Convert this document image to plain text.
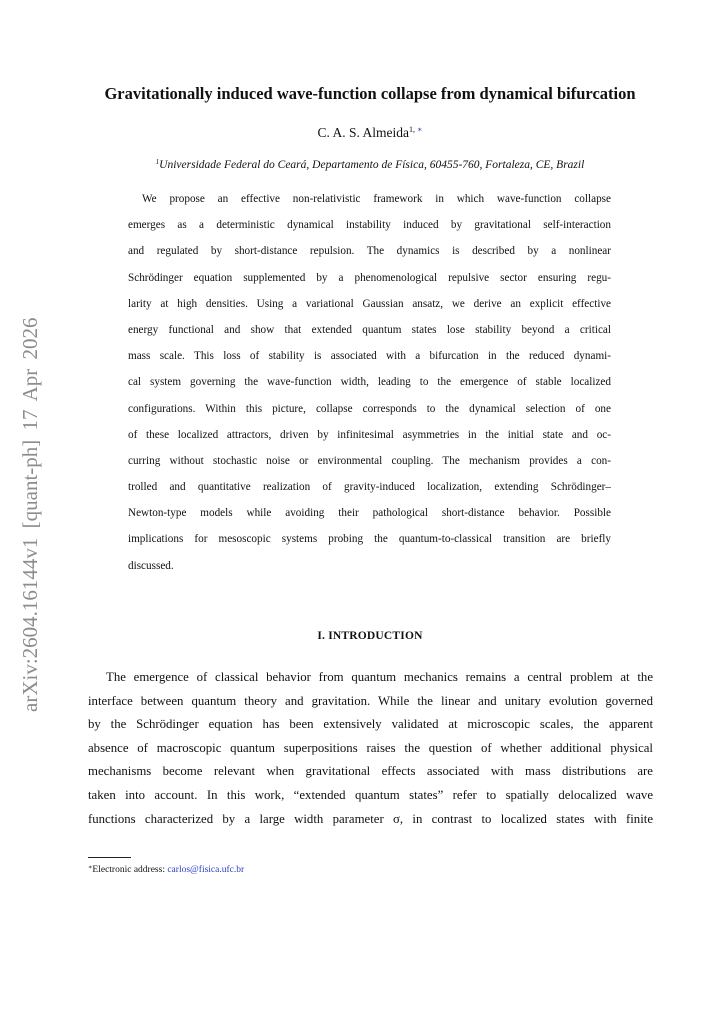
arXiv:2604.16144v1 [quant-ph] 17 Apr 2026
Gravitationally induced wave-function collapse from dynamical bifurcation
C. A. S. Almeida$^{1, ∗}$
$^1$Universidade Federal do Ceará, Departamento de Física, 60455-760, Fortaleza, CE, Brazil
We propose an effective non-relativistic framework in which wave-function collapse
emerges as a deterministic dynamical instability induced by gravitational self-interaction
and regulated by short-distance repulsion. The dynamics is described by a nonlinear
Schrödinger equation supplemented by a phenomenological repulsive sector ensuring regu-
larity at high densities. Using a variational Gaussian ansatz, we derive an explicit effective
energy functional and show that extended quantum states lose stability beyond a critical
mass scale. This loss of stability is associated with a bifurcation in the reduced dynami-
cal system governing the wave-function width, leading to the emergence of stable localized
configurations. Within this picture, collapse corresponds to the dynamical selection of one
of these localized attractors, driven by infinitesimal asymmetries in the initial state and oc-
curring without stochastic noise or environmental coupling. The mechanism provides a con-
trolled and quantitative realization of gravity-induced localization, extending Schrödinger–
Newton-type models while avoiding their pathological short-distance behavior. Possible
implications for mesoscopic systems probing the quantum-to-classical transition are briefly
discussed.
I. INTRODUCTION
The emergence of classical behavior from quantum mechanics remains a central problem at the
interface between quantum theory and gravitation. While the linear and unitary evolution governed
by the Schrödinger equation has been extensively validated at microscopic scales, the apparent
absence of macroscopic quantum superpositions raises the question of whether additional physical
mechanisms become relevant when gravitational effects associated with mass distributions are
taken into account. In this work, “extended quantum states” refer to spatially delocalized wave
functions characterized by a large width parameter σ, in contrast to localized states with finite
∗Electronic address: carlos@fisica.ufc.br
